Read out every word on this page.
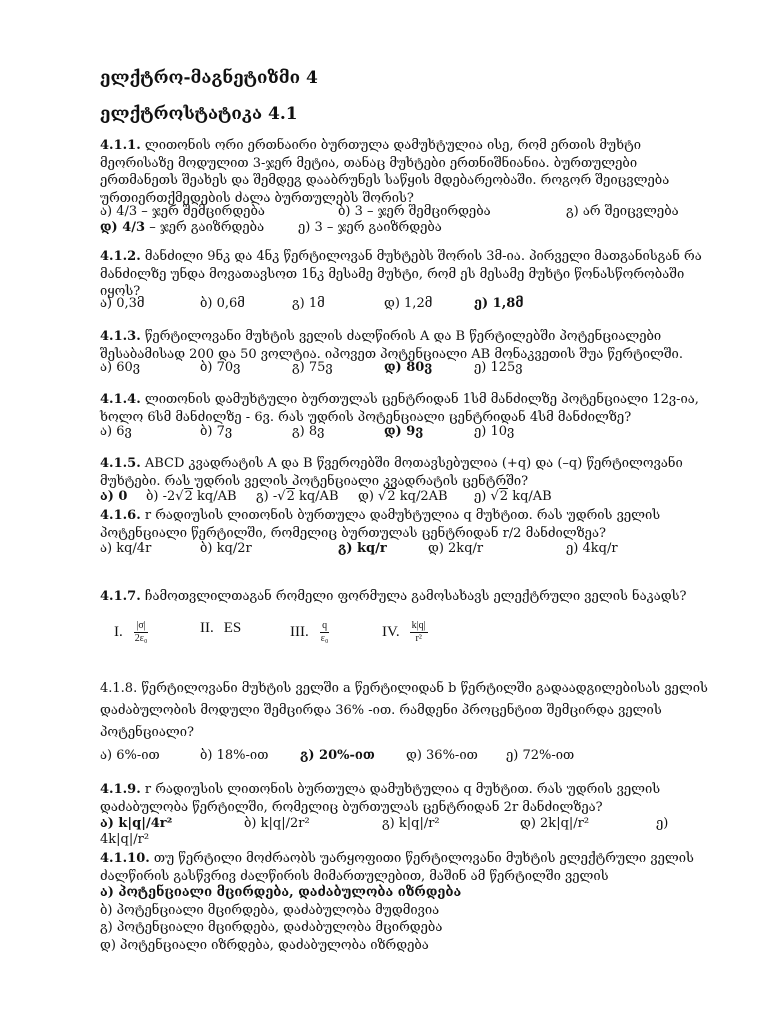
ელქტრო-მაგნეტიზმი 4
ელქტროსტატიკა 4.1
4.1.1. ლითონის ორი ერთნაირი ბურთულა დამუხტულია ისე, რომ ერთის მუხტი მეორისაზე მოდულით 3-ჯერ მეტია, თანაც მუხტები ერთნიშნიანია. ბურთულები ერთმანეთს შეახეს და შემდეგ დააბრუნეს საწყის მდებარეობაში. როგორ შეიცვლება ურთიერთქმედების ძალა ბურთულებს შორის?
ა) 4/3 – ჯერ შემცირდება	ბ) 3 – ჯერ შემცირდება	გ) არ შეიცვლება
დ) 4/3 – ჯერ გაიზრდება	ე) 3 – ჯერ გაიზრდება
4.1.2. მანძილი 9ნკ და 4ნკ წერტილოვან მუხტებს შორის 3მ-ია. პირველი მათგანისგან რა მანძილზე უნდა მოვათავსოთ 1ნკ მესამე მუხტი, რომ ეს მესამე მუხტი წონასწორობაში იყოს?
ა) 0,3მ	ბ) 0,6მ	გ) 1მ	დ) 1,2მ	ე) 1,8მ
4.1.3. წერტილოვანი მუხტის ველის ძალწირის A და B წერტილებში პოტენციალები შესაბამისად 200 და 50 ვოლტია. იპოვეთ პოტენციალი AB მონაკვეთის შუა წერტილში.
ა) 60ვ	ბ) 70ვ	გ) 75ვ	დ) 80ვ	ე) 125ვ
4.1.4. ლითონის დამუხტული ბურთულას ცენტრიდან 1სმ მანძილზე პოტენციალი 12ვ-ია, ხოლო 6სმ მანძილზე - 6ვ. რას უდრის პოტენციალი ცენტრიდან 4სმ მანძილზე?
ა) 6ვ	ბ) 7ვ	გ) 8ვ	დ) 9ვ	ე) 10ვ
4.1.5. ABCD კვადრატის A და B წვეროებში მოთავსებულია (+q) და (–q) წერტილოვანი მუხტები. რას უდრის ველის პოტენციალი კვადრატის ცენტრში?
ა) 0 ბ) -2√2 kq/AB გ) -√2 kq/AB დ) √2 kq/2AB ე) √2 kq/AB
4.1.6. r რადიუსის ლითონის ბურთულა დამუხტულია q მუხტით. რას უდრის ველის პოტენციალი წერტილში, რომელიც ბურთულას ცენტრიდან r/2 მანძილზეა?
ა) kq/4r	ბ) kq/2r	გ) kq/r	დ) 2kq/r	ე) 4kq/r
4.1.7. ჩამოთვლილთაგან რომელი ფორმულა გამოსახავს ელექტრული ველის ნაკადს?
I. $\frac{|\sigma|}{\text{2ε₀}}$	II. ES	III. $\frac{q}{\text{ε₀}}$	IV. $\frac{k|q|}{\text{r²}}$
4.1.8. წერტილოვანი მუხტის ველში a წერტილიდან b წერტილში გადაადგილებისას ველის დაძაბულობის მოდული შემცირდა 36% -ით. რამდენი პროცენტით შემცირდა ველის პოტენციალი?
ა) 6%-ით	ბ) 18%-ით გ) 20%-ით დ) 36%-ით ე) 72%-ით
4.1.9. r რადიუსის ლითონის ბურთულა დამუხტულია q მუხტით. რას უდრის ველის დაძაბულობა წერტილში, რომელიც ბურთულას ცენტრიდან 2r მანძილზეა?
ა) k|q|/4r²	ბ) k|q|/2r²	გ) k|q|/r²	დ) 2k|q|/r²	ე)
4k|q|/r²
4.1.10. თუ წერტილი მოძრაობს უარყოფითი წერტილოვანი მუხტის ელექტრული ველის ძალწირის გასწვრივ ძალწირის მიმართულებით, მაშინ ამ წერტილში ველის
ა) პოტენციალი მცირდება, დაძაბულობა იზრდება
ბ) პოტენციალი მცირდება, დაძაბულობა მუდმივია
გ) პოტენციალი მცირდება, დაძაბულობა მცირდება
დ) პოტენციალი იზრდება, დაძაბულობა იზრდება
